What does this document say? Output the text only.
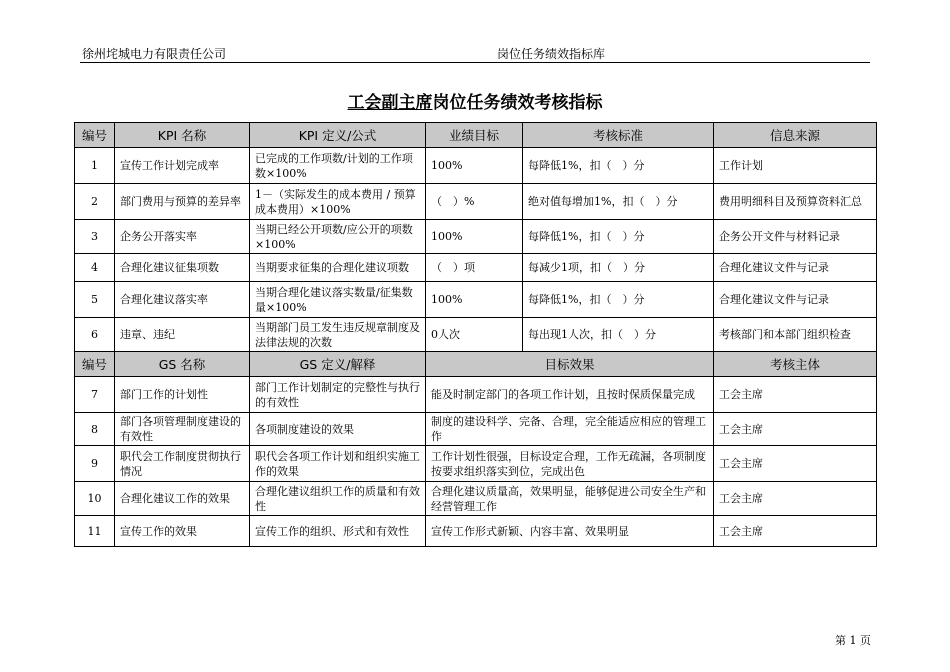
徐州垞城电力有限责任公司	岗位任务绩效指标库
工会副主席岗位任务绩效考核指标
编号	KPI 名称	KPI 定义/公式	业绩目标	考核标准	信息来源
1	宣传工作计划完成率	已完成的工作项数/计划的工作项数×100%	100%	每降低1%，扣（　）分	工作计划
2	部门费用与预算的差异率	1－（实际发生的成本费用 / 预算成本费用）×100%	（　）%	绝对值每增加1%，扣（　）分	费用明细科目及预算资料汇总
3	企务公开落实率	当期已经公开项数/应公开的项数×100%	100%	每降低1%，扣（　）分	企务公开文件与材料记录
4	合理化建议征集项数	当期要求征集的合理化建议项数	（　）项	每减少1项，扣（　）分	合理化建议文件与记录
5	合理化建议落实率	当期合理化建议落实数量/征集数量×100%	100%	每降低1%，扣（　）分	合理化建议文件与记录
6	违章、违纪	当期部门员工发生违反规章制度及法律法规的次数	0人次	每出现1人次，扣（　）分	考核部门和本部门组织检查
编号	GS 名称	GS 定义/解释	目标效果		考核主体
7	部门工作的计划性	部门工作计划制定的完整性与执行的有效性	能及时制定部门的各项工作计划，且按时保质保量完成		工会主席
8	部门各项管理制度建设的有效性	各项制度建设的效果	制度的建设科学、完备、合理，完全能适应相应的管理工作		工会主席
9	职代会工作制度贯彻执行情况	职代会各项工作计划和组织实施工作的效果	工作计划性很强，目标设定合理，工作无疏漏，各项制度按要求组织落实到位，完成出色		工会主席
10	合理化建议工作的效果	合理化建议组织工作的质量和有效性	合理化建议质量高，效果明显，能够促进公司安全生产和经营管理工作		工会主席
11	宣传工作的效果	宣传工作的组织、形式和有效性	宣传工作形式新颖、内容丰富、效果明显		工会主席
第 1 页
